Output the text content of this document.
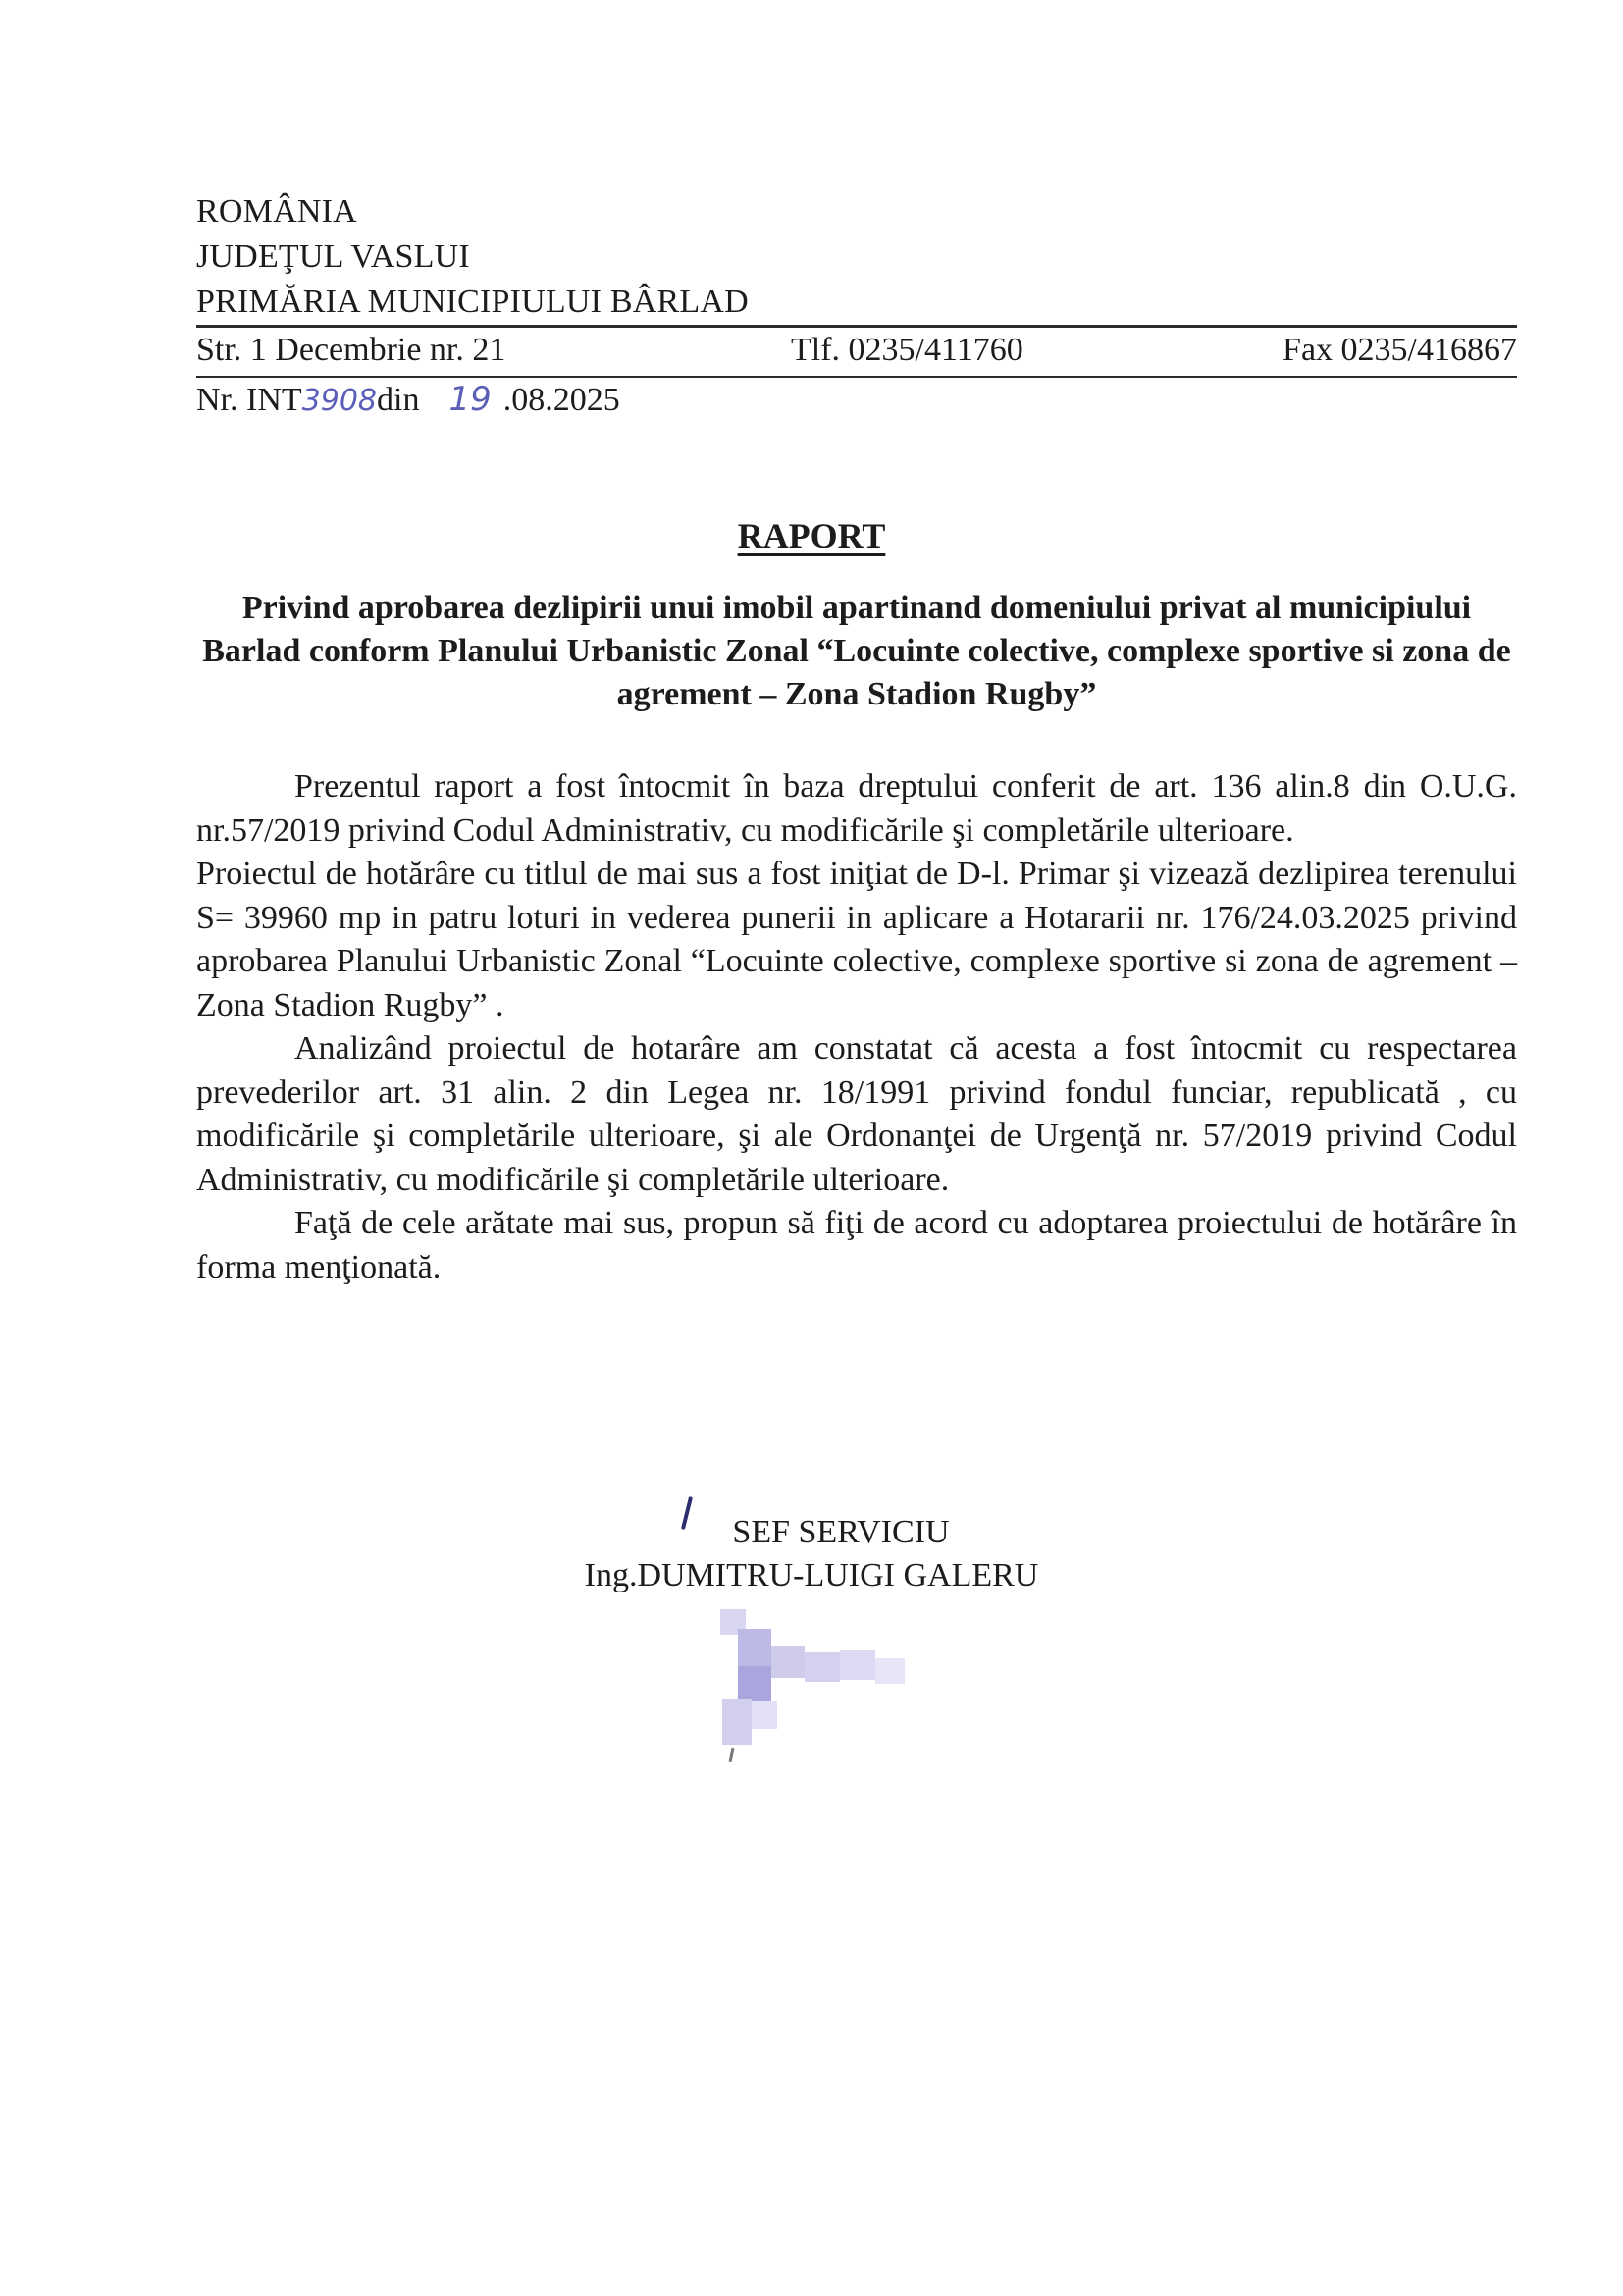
ROMÂNIA
JUDEŢUL VASLUI
PRIMĂRIA MUNICIPIULUI BÂRLAD
Str. 1 Decembrie nr. 21	Tlf. 0235/411760	Fax 0235/416867
Nr. INT3908din 19 .08.2025
RAPORT
Privind aprobarea dezlipirii unui imobil apartinand domeniului privat al municipiului Barlad conform Planului Urbanistic Zonal “Locuinte colective, complexe sportive si zona de agrement – Zona Stadion Rugby”

Prezentul raport a fost întocmit în baza dreptului conferit de art. 136 alin.8 din O.U.G. nr.57/2019 privind Codul Administrativ, cu modificările şi completările ulterioare.

Proiectul de hotărâre cu titlul de mai sus a fost iniţiat de D-l. Primar şi vizează dezlipirea terenului S= 39960 mp in patru loturi in vederea punerii in aplicare a Hotararii nr. 176/24.03.2025 privind aprobarea Planului Urbanistic Zonal “Locuinte colective, complexe sportive si zona de agrement – Zona Stadion Rugby” .

Analizând proiectul de hotarâre am constatat că acesta a fost întocmit cu respectarea prevederilor art. 31 alin. 2 din Legea nr. 18/1991 privind fondul funciar, republicată , cu modificările şi completările ulterioare, şi ale Ordonanţei de Urgenţă nr. 57/2019 privind Codul Administrativ, cu modificările şi completările ulterioare.

Faţă de cele arătate mai sus, propun să fiţi de acord cu adoptarea proiectului de hotărâre în forma menţionată.

SEF SERVICIU
Ing.DUMITRU-LUIGI GALERU
